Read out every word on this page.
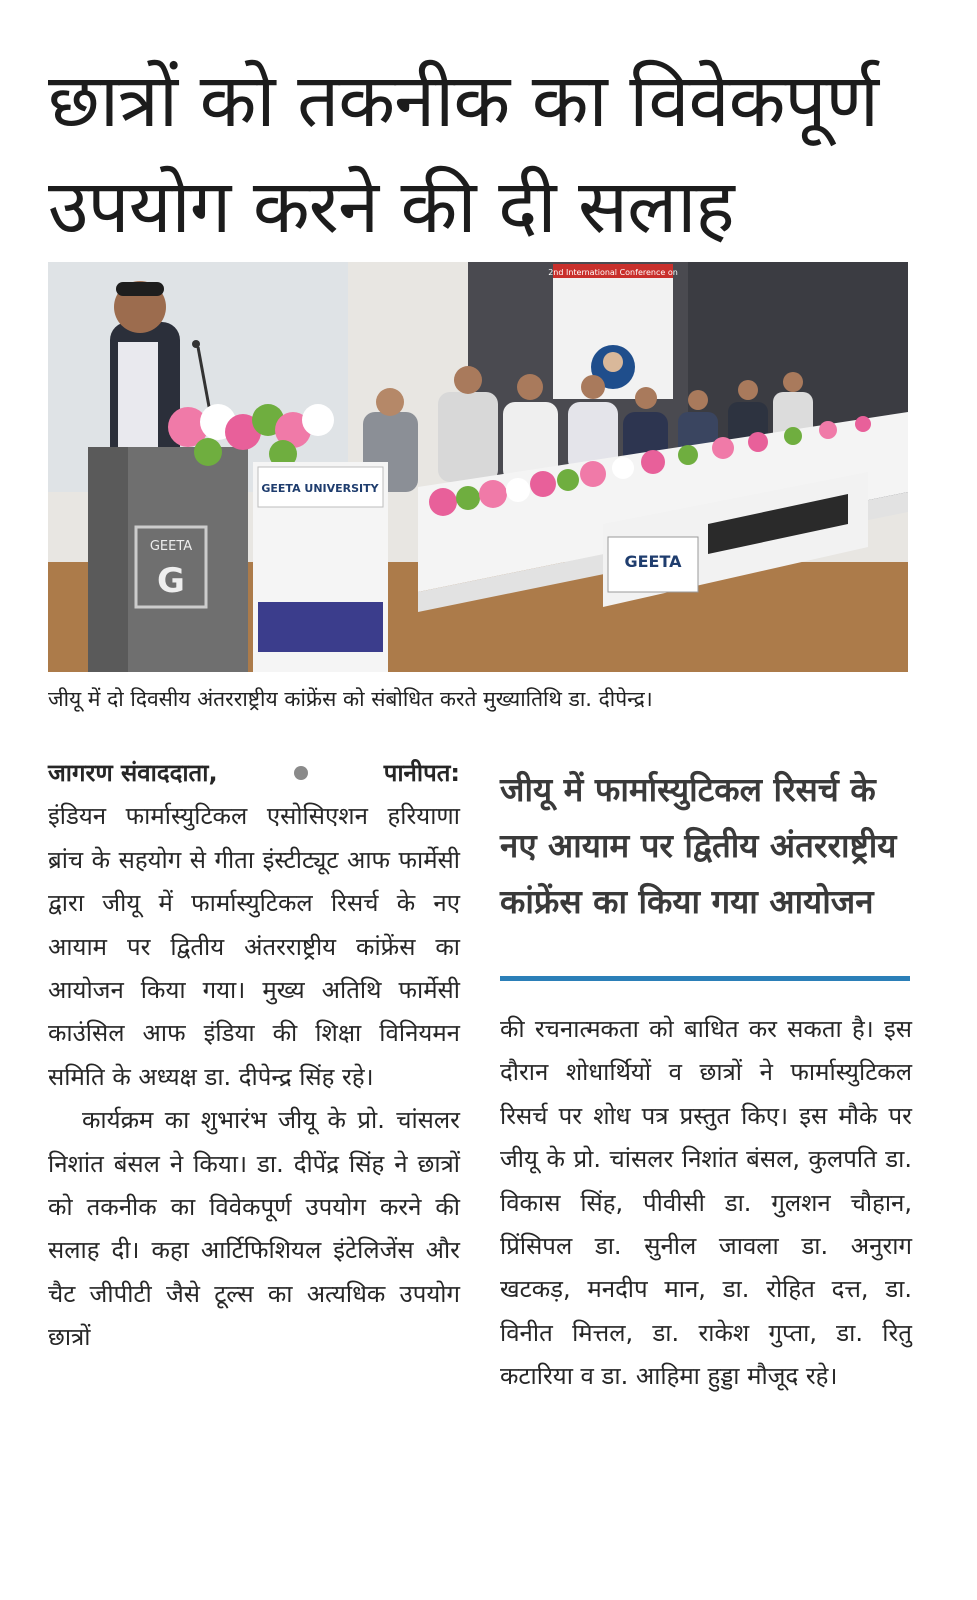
छात्रों को तकनीक का विवेकपूर्ण उपयोग करने की दी सलाह
2nd International Conference on
GEETA
GEETA
G
GEETA UNIVERSITY
जीयू में दो दिवसीय अंतरराष्ट्रीय कांफ्रेंस को संबोधित करते मुख्यातिथि डा. दीपेन्द्र।
जागरण संवाददाता,	पानीपत:

इंडियन फार्मास्युटिकल एसोसिएशन हरियाणा ब्रांच के सहयोग से गीता इंस्टीट्यूट आफ फार्मेसी द्वारा जीयू में फार्मास्युटिकल रिसर्च के नए आयाम पर द्वितीय अंतरराष्ट्रीय कांफ्रेंस का आयोजन किया गया। मुख्य अतिथि फार्मेसी काउंसिल आफ इंडिया की शिक्षा विनियमन समिति के अध्यक्ष डा. दीपेन्द्र सिंह रहे।

कार्यक्रम का शुभारंभ जीयू के प्रो. चांसलर निशांत बंसल ने किया। डा. दीपेंद्र सिंह ने छात्रों को तकनीक का विवेकपूर्ण उपयोग करने की सलाह दी। कहा आर्टिफिशियल इंटेलिजेंस और चैट जीपीटी जैसे टूल्स का अत्यधिक उपयोग छात्रों

जीयू में फार्मास्युटिकल रिसर्च के नए आयाम पर द्वितीय अंतरराष्ट्रीय कांफ्रेंस का किया गया आयोजन

की रचनात्मकता को बाधित कर सकता है। इस दौरान शोधार्थियों व छात्रों ने फार्मास्युटिकल रिसर्च पर शोध पत्र प्रस्तुत किए। इस मौके पर जीयू के प्रो. चांसलर निशांत बंसल, कुलपति डा. विकास सिंह, पीवीसी डा. गुलशन चौहान, प्रिंसिपल डा. सुनील जावला डा. अनुराग खटकड़, मनदीप मान, डा. रोहित दत्त, डा. विनीत मित्तल, डा. राकेश गुप्ता, डा. रितु कटारिया व डा. आहिमा हुड्डा मौजूद रहे।
